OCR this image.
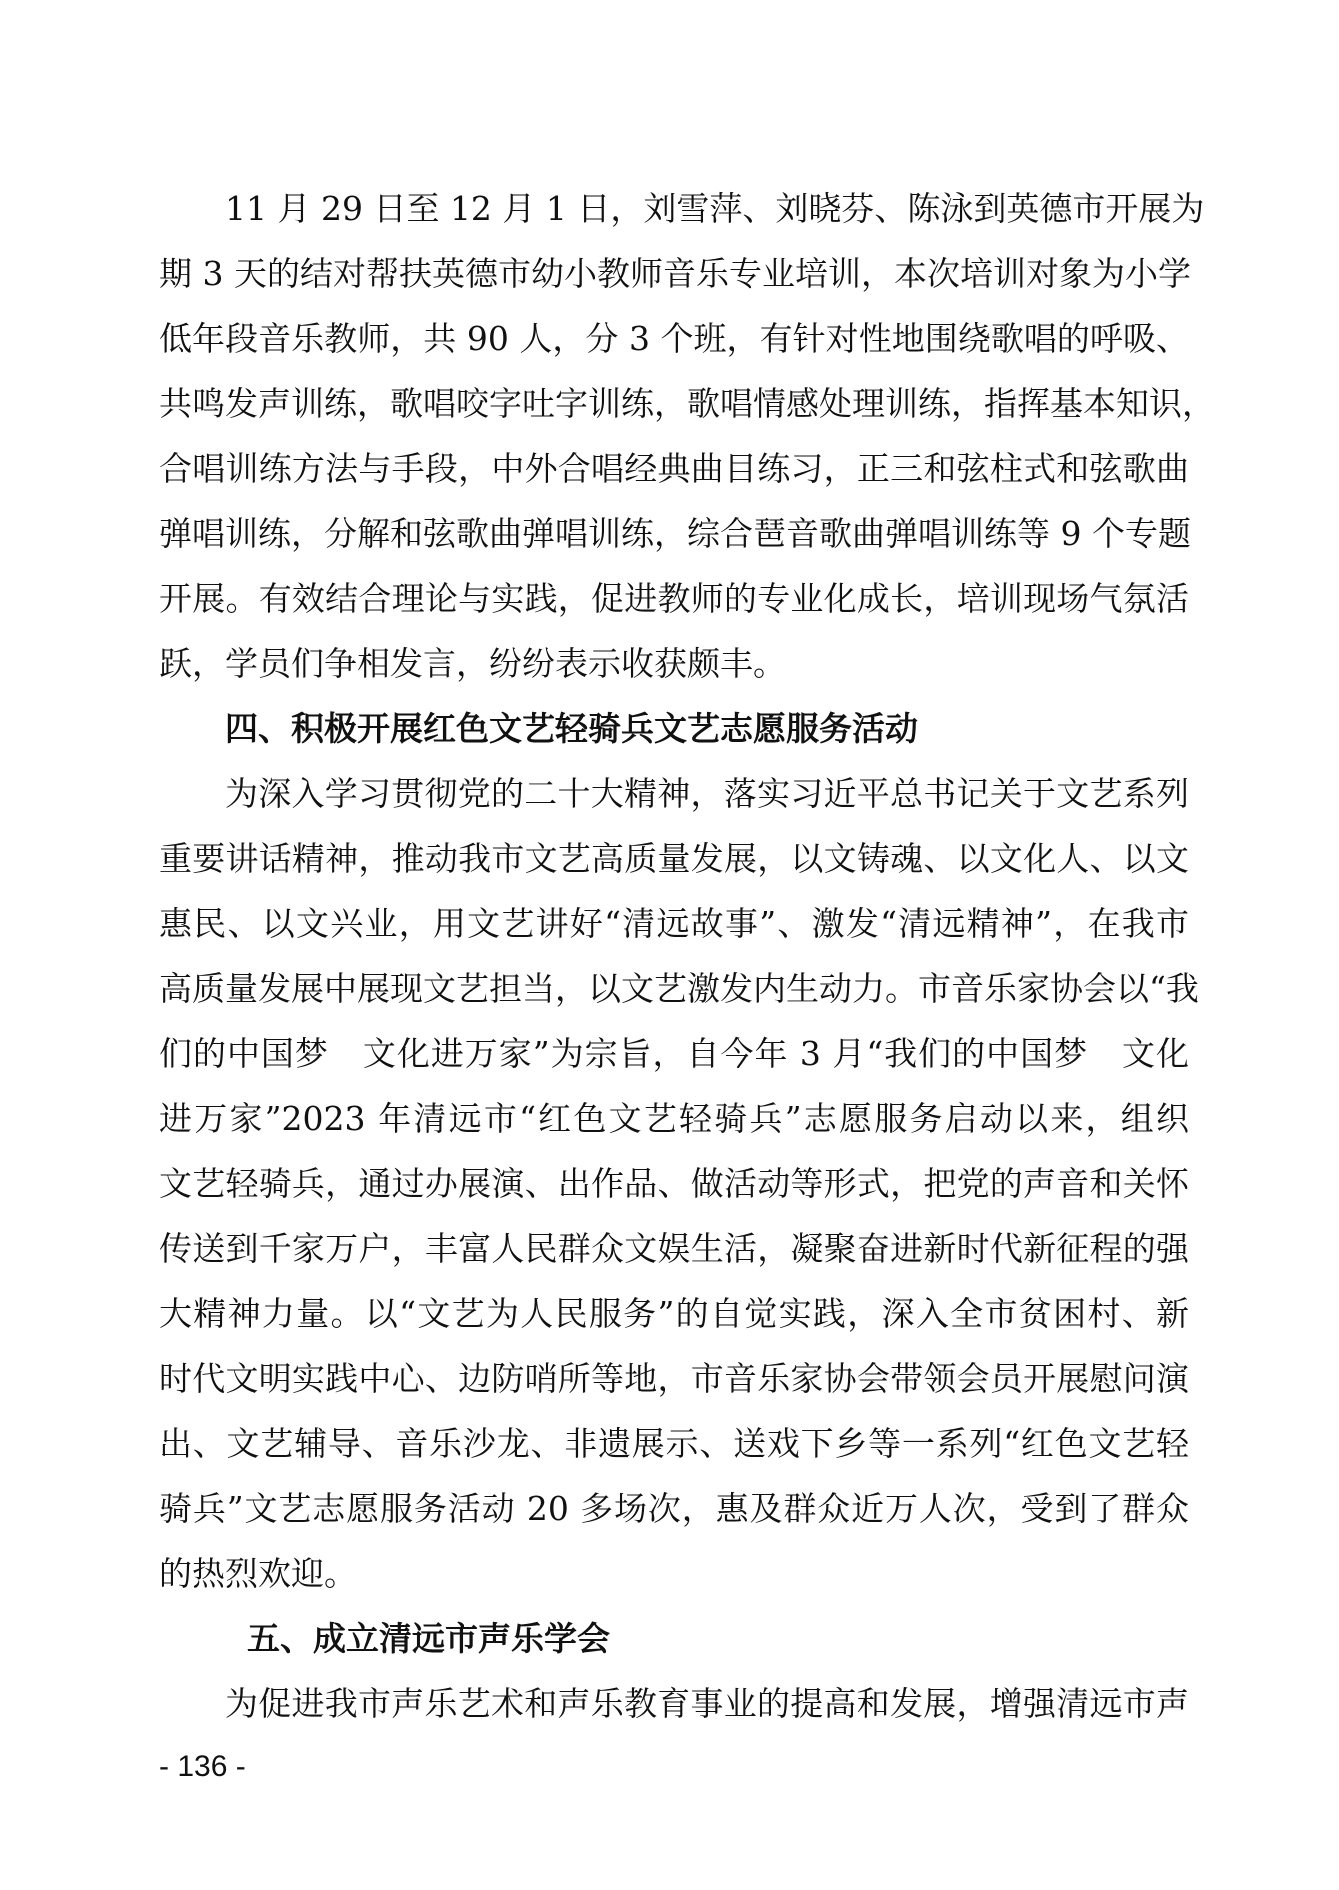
11 月 29 日至 12 月 1 日，刘雪萍、刘晓芬、陈泳到英德市开展为
期 3 天的结对帮扶英德市幼小教师音乐专业培训，本次培训对象为小学
低年段音乐教师，共 90 人，分 3 个班，有针对性地围绕歌唱的呼吸、
共鸣发声训练，歌唱咬字吐字训练，歌唱情感处理训练，指挥基本知识，
合唱训练方法与手段，中外合唱经典曲目练习，正三和弦柱式和弦歌曲
弹唱训练，分解和弦歌曲弹唱训练，综合琶音歌曲弹唱训练等 9 个专题
开展。有效结合理论与实践，促进教师的专业化成长，培训现场气氛活
跃，学员们争相发言，纷纷表示收获颇丰。
四、积极开展红色文艺轻骑兵文艺志愿服务活动
为深入学习贯彻党的二十大精神，落实习近平总书记关于文艺系列
重要讲话精神，推动我市文艺高质量发展，以文铸魂、以文化人、以文
惠民、以文兴业，用文艺讲好“清远故事”、激发“清远精神”，在我市
高质量发展中展现文艺担当，以文艺激发内生动力。市音乐家协会以“我
们的中国梦　文化进万家”为宗旨，自今年 3 月“我们的中国梦　文化
进万家”2023 年清远市“红色文艺轻骑兵”志愿服务启动以来，组织
文艺轻骑兵，通过办展演、出作品、做活动等形式，把党的声音和关怀
传送到千家万户，丰富人民群众文娱生活，凝聚奋进新时代新征程的强
大精神力量。以“文艺为人民服务”的自觉实践，深入全市贫困村、新
时代文明实践中心、边防哨所等地，市音乐家协会带领会员开展慰问演
出、文艺辅导、音乐沙龙、非遗展示、送戏下乡等一系列“红色文艺轻
骑兵”文艺志愿服务活动 20 多场次，惠及群众近万人次，受到了群众
的热烈欢迎。
五、成立清远市声乐学会
为促进我市声乐艺术和声乐教育事业的提高和发展，增强清远市声
- 136 -
